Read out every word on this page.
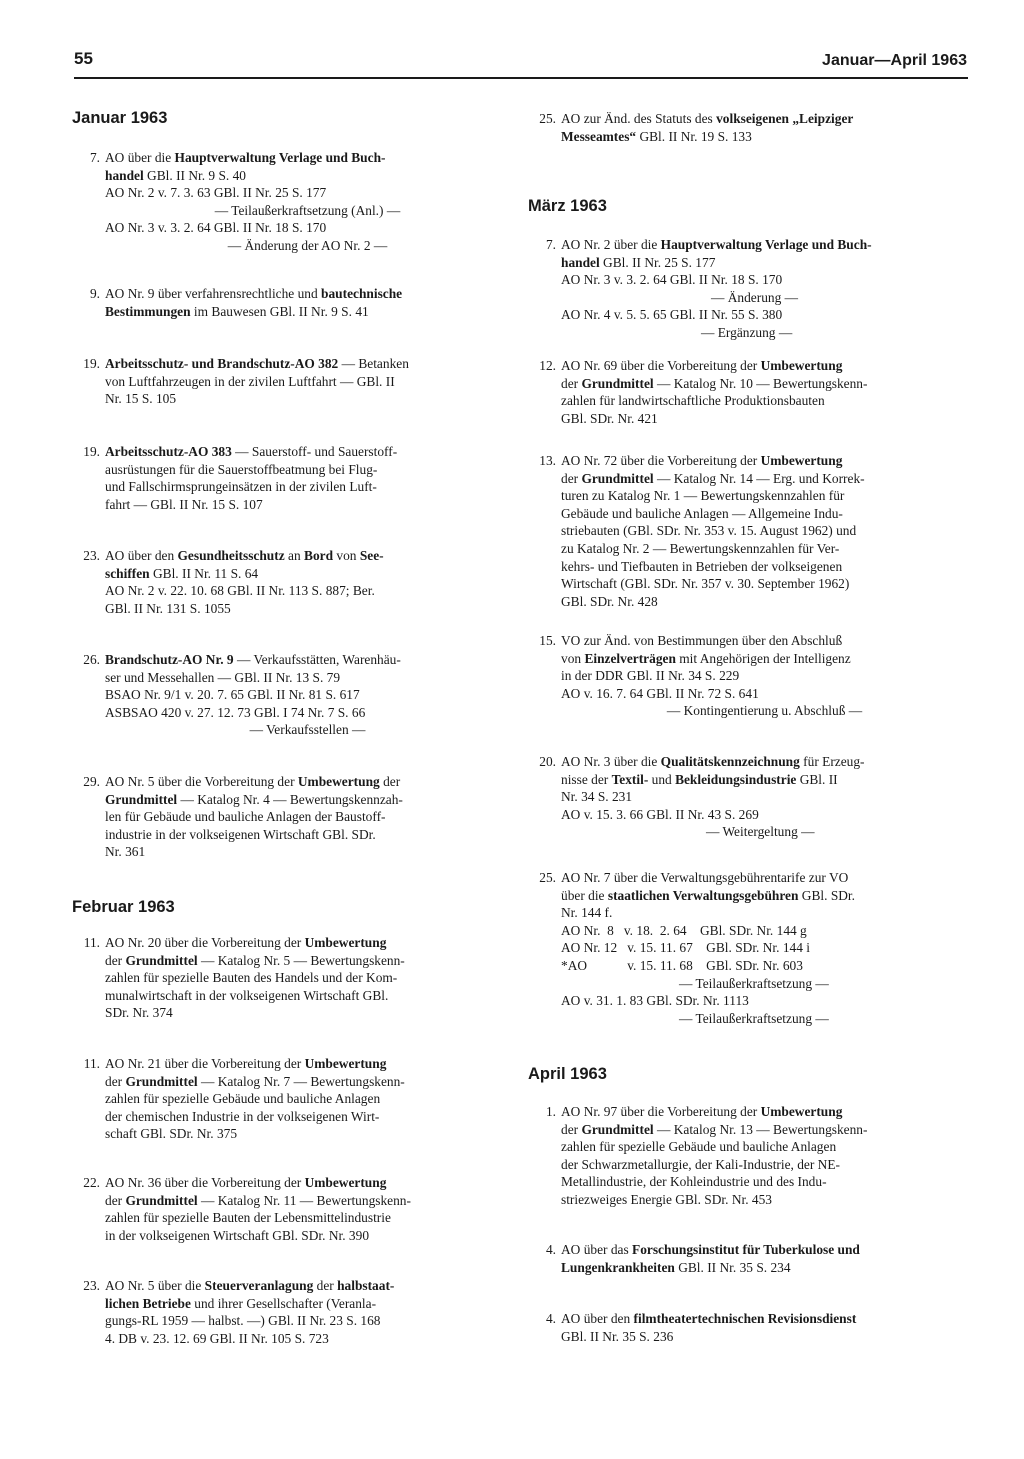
55	Januar—April 1963
Januar 1963
7. AO über die Hauptverwaltung Verlage und Buch-
handel GBl. II Nr. 9 S. 40
AO Nr. 2 v. 7. 3. 63 GBl. II Nr. 25 S. 177
— Teilaußerkraftsetzung (Anl.) —
AO Nr. 3 v. 3. 2. 64 GBl. II Nr. 18 S. 170
— Änderung der AO Nr. 2 —
9. AO Nr. 9 über verfahrensrechtliche und bautechnische
Bestimmungen im Bauwesen GBl. II Nr. 9 S. 41
19. Arbeitsschutz- und Brandschutz-AO 382 — Betanken
von Luftfahrzeugen in der zivilen Luftfahrt — GBl. II
Nr. 15 S. 105
19. Arbeitsschutz-AO 383 — Sauerstoff- und Sauerstoff-
ausrüstungen für die Sauerstoffbeatmung bei Flug-
und Fallschirmsprungeinsätzen in der zivilen Luft-
fahrt — GBl. II Nr. 15 S. 107
23. AO über den Gesundheitsschutz an Bord von See-
schiffen GBl. II Nr. 11 S. 64
AO Nr. 2 v. 22. 10. 68 GBl. II Nr. 113 S. 887; Ber.
GBl. II Nr. 131 S. 1055
26. Brandschutz-AO Nr. 9 — Verkaufsstätten, Warenhäu-
ser und Messehallen — GBl. II Nr. 13 S. 79
BSAO Nr. 9/1 v. 20. 7. 65 GBl. II Nr. 81 S. 617
ASBSAO 420 v. 27. 12. 73 GBl. I 74 Nr. 7 S. 66
— Verkaufsstellen —
29. AO Nr. 5 über die Vorbereitung der Umbewertung der
Grundmittel — Katalog Nr. 4 — Bewertungskennzah-
len für Gebäude und bauliche Anlagen der Baustoff-
industrie in der volkseigenen Wirtschaft GBl. SDr.
Nr. 361
Februar 1963
11. AO Nr. 20 über die Vorbereitung der Umbewertung
der Grundmittel — Katalog Nr. 5 — Bewertungskenn-
zahlen für spezielle Bauten des Handels und der Kom-
munalwirtschaft in der volkseigenen Wirtschaft GBl.
SDr. Nr. 374
11. AO Nr. 21 über die Vorbereitung der Umbewertung
der Grundmittel — Katalog Nr. 7 — Bewertungskenn-
zahlen für spezielle Gebäude und bauliche Anlagen
der chemischen Industrie in der volkseigenen Wirt-
schaft GBl. SDr. Nr. 375
22. AO Nr. 36 über die Vorbereitung der Umbewertung
der Grundmittel — Katalog Nr. 11 — Bewertungskenn-
zahlen für spezielle Bauten der Lebensmittelindustrie
in der volkseigenen Wirtschaft GBl. SDr. Nr. 390
23. AO Nr. 5 über die Steuerveranlagung der halbstaat-
lichen Betriebe und ihrer Gesellschafter (Veranla-
gungs-RL 1959 — halbst. —) GBl. II Nr. 23 S. 168
4. DB v. 23. 12. 69 GBl. II Nr. 105 S. 723
25. AO zur Änd. des Statuts des volkseigenen „Leipziger
Messeamtes“ GBl. II Nr. 19 S. 133
März 1963
7. AO Nr. 2 über die Hauptverwaltung Verlage und Buch-
handel GBl. II Nr. 25 S. 177
AO Nr. 3 v. 3. 2. 64 GBl. II Nr. 18 S. 170
— Änderung —
AO Nr. 4 v. 5. 5. 65 GBl. II Nr. 55 S. 380
— Ergänzung —
12. AO Nr. 69 über die Vorbereitung der Umbewertung
der Grundmittel — Katalog Nr. 10 — Bewertungskenn-
zahlen für landwirtschaftliche Produktionsbauten
GBl. SDr. Nr. 421
13. AO Nr. 72 über die Vorbereitung der Umbewertung
der Grundmittel — Katalog Nr. 14 — Erg. und Korrek-
turen zu Katalog Nr. 1 — Bewertungskennzahlen für
Gebäude und bauliche Anlagen — Allgemeine Indu-
striebauten (GBl. SDr. Nr. 353 v. 15. August 1962) und
zu Katalog Nr. 2 — Bewertungskennzahlen für Ver-
kehrs- und Tiefbauten in Betrieben der volkseigenen
Wirtschaft (GBl. SDr. Nr. 357 v. 30. September 1962)
GBl. SDr. Nr. 428
15. VO zur Änd. von Bestimmungen über den Abschluß
von Einzelverträgen mit Angehörigen der Intelligenz
in der DDR GBl. II Nr. 34 S. 229
AO v. 16. 7. 64 GBl. II Nr. 72 S. 641
— Kontingentierung u. Abschluß —
20. AO Nr. 3 über die Qualitätskennzeichnung für Erzeug-
nisse der Textil- und Bekleidungsindustrie GBl. II
Nr. 34 S. 231
AO v. 15. 3. 66 GBl. II Nr. 43 S. 269
— Weitergeltung —
25. AO Nr. 7 über die Verwaltungsgebührentarife zur VO
über die staatlichen Verwaltungsgebühren GBl. SDr.
Nr. 144 f.
AO Nr.  8   v. 18.  2. 64    GBl. SDr. Nr. 144 g
AO Nr. 12   v. 15. 11. 67    GBl. SDr. Nr. 144 i
*AO            v. 15. 11. 68    GBl. SDr. Nr. 603
— Teilaußerkraftsetzung —
AO v. 31. 1. 83 GBl. SDr. Nr. 1113
— Teilaußerkraftsetzung —
April 1963
1. AO Nr. 97 über die Vorbereitung der Umbewertung
der Grundmittel — Katalog Nr. 13 — Bewertungskenn-
zahlen für spezielle Gebäude und bauliche Anlagen
der Schwarzmetallurgie, der Kali-Industrie, der NE-
Metallindustrie, der Kohleindustrie und des Indu-
striezweiges Energie GBl. SDr. Nr. 453
4. AO über das Forschungsinstitut für Tuberkulose und
Lungenkrankheiten GBl. II Nr. 35 S. 234
4. AO über den filmtheatertechnischen Revisionsdienst
GBl. II Nr. 35 S. 236
